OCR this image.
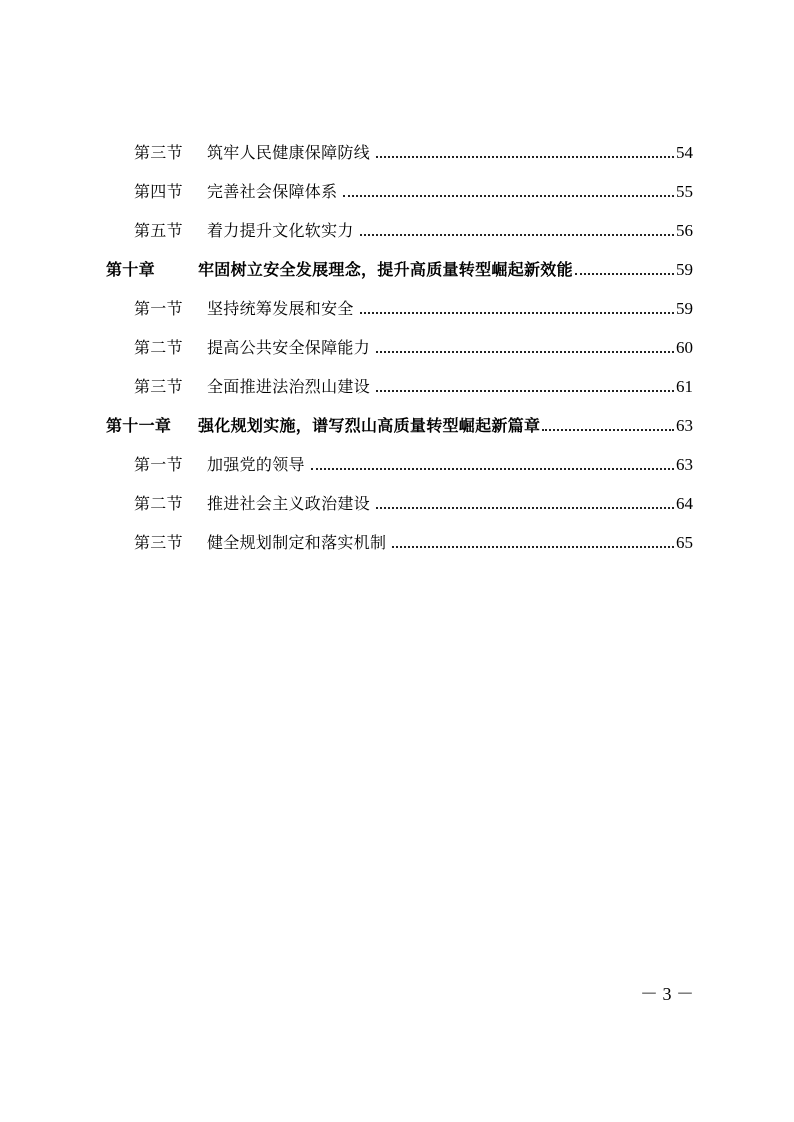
第三节 筑牢人民健康保障防线	54
第四节 完善社会保障体系	55
第五节 着力提升文化软实力	56
第十章	牢固树立安全发展理念，提升高质量转型崛起新效能	59
第一节 坚持统筹发展和安全	59
第二节 提高公共安全保障能力	60
第三节 全面推进法治烈山建设	61
第十一章 强化规划实施，谱写烈山高质量转型崛起新篇章	63
第一节 加强党的领导	63
第二节 推进社会主义政治建设	64
第三节 健全规划制定和落实机制	65
－ 3 －
